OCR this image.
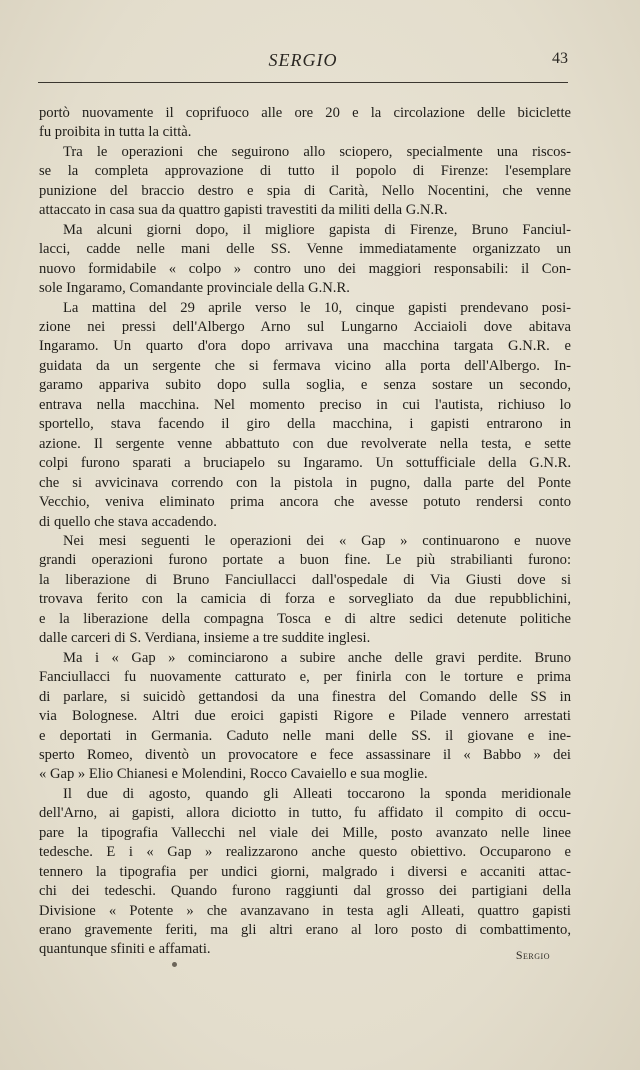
SERGIO	43
portò nuovamente il coprifuoco alle ore 20 e la circolazione delle biciclette
fu proibita in tutta la città.
Tra le operazioni che seguirono allo sciopero, specialmente una riscos-
se la completa approvazione di tutto il popolo di Firenze: l'esemplare
punizione del braccio destro e spia di Carità, Nello Nocentini, che venne
attaccato in casa sua da quattro gapisti travestiti da militi della G.N.R.
Ma alcuni giorni dopo, il migliore gapista di Firenze, Bruno Fanciul-
lacci, cadde nelle mani delle SS. Venne immediatamente organizzato un
nuovo formidabile « colpo » contro uno dei maggiori responsabili: il Con-
sole Ingaramo, Comandante provinciale della G.N.R.
La mattina del 29 aprile verso le 10, cinque gapisti prendevano posi-
zione nei pressi dell'Albergo Arno sul Lungarno Acciaioli dove abitava
Ingaramo. Un quarto d'ora dopo arrivava una macchina targata G.N.R. e
guidata da un sergente che si fermava vicino alla porta dell'Albergo. In-
garamo appariva subito dopo sulla soglia, e senza sostare un secondo,
entrava nella macchina. Nel momento preciso in cui l'autista, richiuso lo
sportello, stava facendo il giro della macchina, i gapisti entrarono in
azione. Il sergente venne abbattuto con due revolverate nella testa, e sette
colpi furono sparati a bruciapelo su Ingaramo. Un sottufficiale della G.N.R.
che si avvicinava correndo con la pistola in pugno, dalla parte del Ponte
Vecchio, veniva eliminato prima ancora che avesse potuto rendersi conto
di quello che stava accadendo.
Nei mesi seguenti le operazioni dei « Gap » continuarono e nuove
grandi operazioni furono portate a buon fine. Le più strabilianti furono:
la liberazione di Bruno Fanciullacci dall'ospedale di Via Giusti dove si
trovava ferito con la camicia di forza e sorvegliato da due repubblichini,
e la liberazione della compagna Tosca e di altre sedici detenute politiche
dalle carceri di S. Verdiana, insieme a tre suddite inglesi.
Ma i « Gap » cominciarono a subire anche delle gravi perdite. Bruno
Fanciullacci fu nuovamente catturato e, per finirla con le torture e prima
di parlare, si suicidò gettandosi da una finestra del Comando delle SS in
via Bolognese. Altri due eroici gapisti Rigore e Pilade vennero arrestati
e deportati in Germania. Caduto nelle mani delle SS. il giovane e ine-
sperto Romeo, diventò un provocatore e fece assassinare il « Babbo » dei
« Gap » Elio Chianesi e Molendini, Rocco Cavaiello e sua moglie.
Il due di agosto, quando gli Alleati toccarono la sponda meridionale
dell'Arno, ai gapisti, allora diciotto in tutto, fu affidato il compito di occu-
pare la tipografia Vallecchi nel viale dei Mille, posto avanzato nelle linee
tedesche. E i « Gap » realizzarono anche questo obiettivo. Occuparono e
tennero la tipografia per undici giorni, malgrado i diversi e accaniti attac-
chi dei tedeschi. Quando furono raggiunti dal grosso dei partigiani della
Divisione « Potente » che avanzavano in testa agli Alleati, quattro gapisti
erano gravemente feriti, ma gli altri erano al loro posto di combattimento,
quantunque sfiniti e affamati.	Sergio
